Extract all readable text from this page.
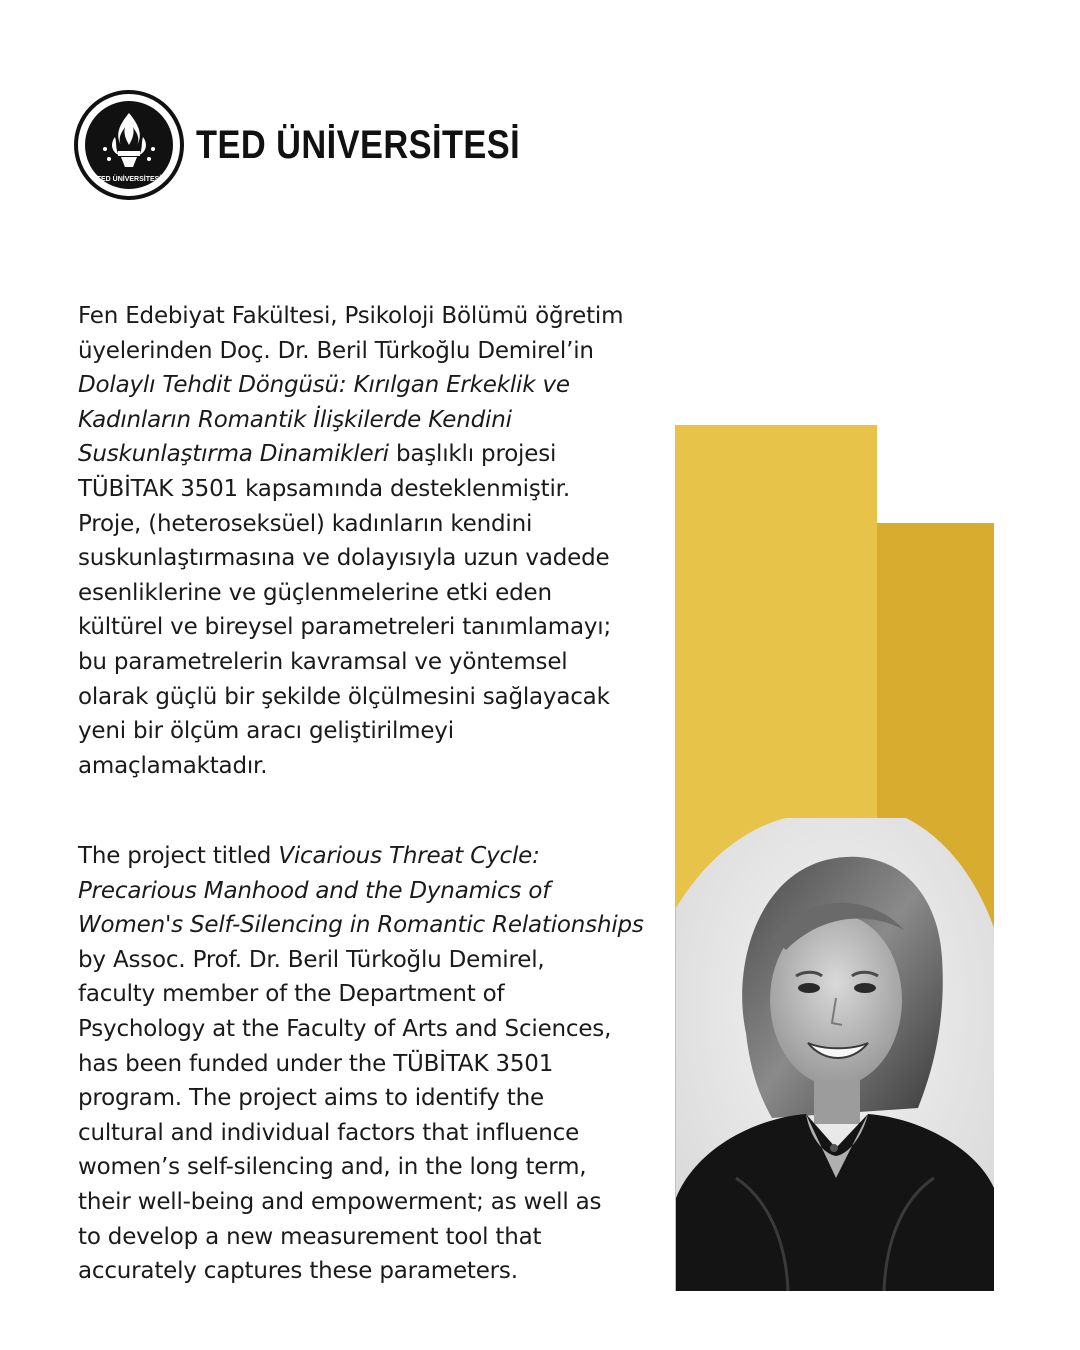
TED ÜNİVERSİTESİ
TED ÜNİVERSİTESİ
Fen Edebiyat Fakültesi, Psikoloji Bölümü öğretim
üyelerinden Doç. Dr. Beril Türkoğlu Demirel’in
Dolaylı Tehdit Döngüsü: Kırılgan Erkeklik ve
Kadınların Romantik İlişkilerde Kendini
Suskunlaştırma Dinamikleri başlıklı projesi
TÜBİTAK 3501 kapsamında desteklenmiştir.
Proje, (heteroseksüel) kadınların kendini
suskunlaştırmasına ve dolayısıyla uzun vadede
esenliklerine ve güçlenmelerine etki eden
kültürel ve bireysel parametreleri tanımlamayı;
bu parametrelerin kavramsal ve yöntemsel
olarak güçlü bir şekilde ölçülmesini sağlayacak
yeni bir ölçüm aracı geliştirilmeyi
amaçlamaktadır.
The project titled Vicarious Threat Cycle:
Precarious Manhood and the Dynamics of
Women's Self-Silencing in Romantic Relationships
by Assoc. Prof. Dr. Beril Türkoğlu Demirel,
faculty member of the Department of
Psychology at the Faculty of Arts and Sciences,
has been funded under the TÜBİTAK 3501
program. The project aims to identify the
cultural and individual factors that influence
women’s self-silencing and, in the long term,
their well-being and empowerment; as well as
to develop a new measurement tool that
accurately captures these parameters.
